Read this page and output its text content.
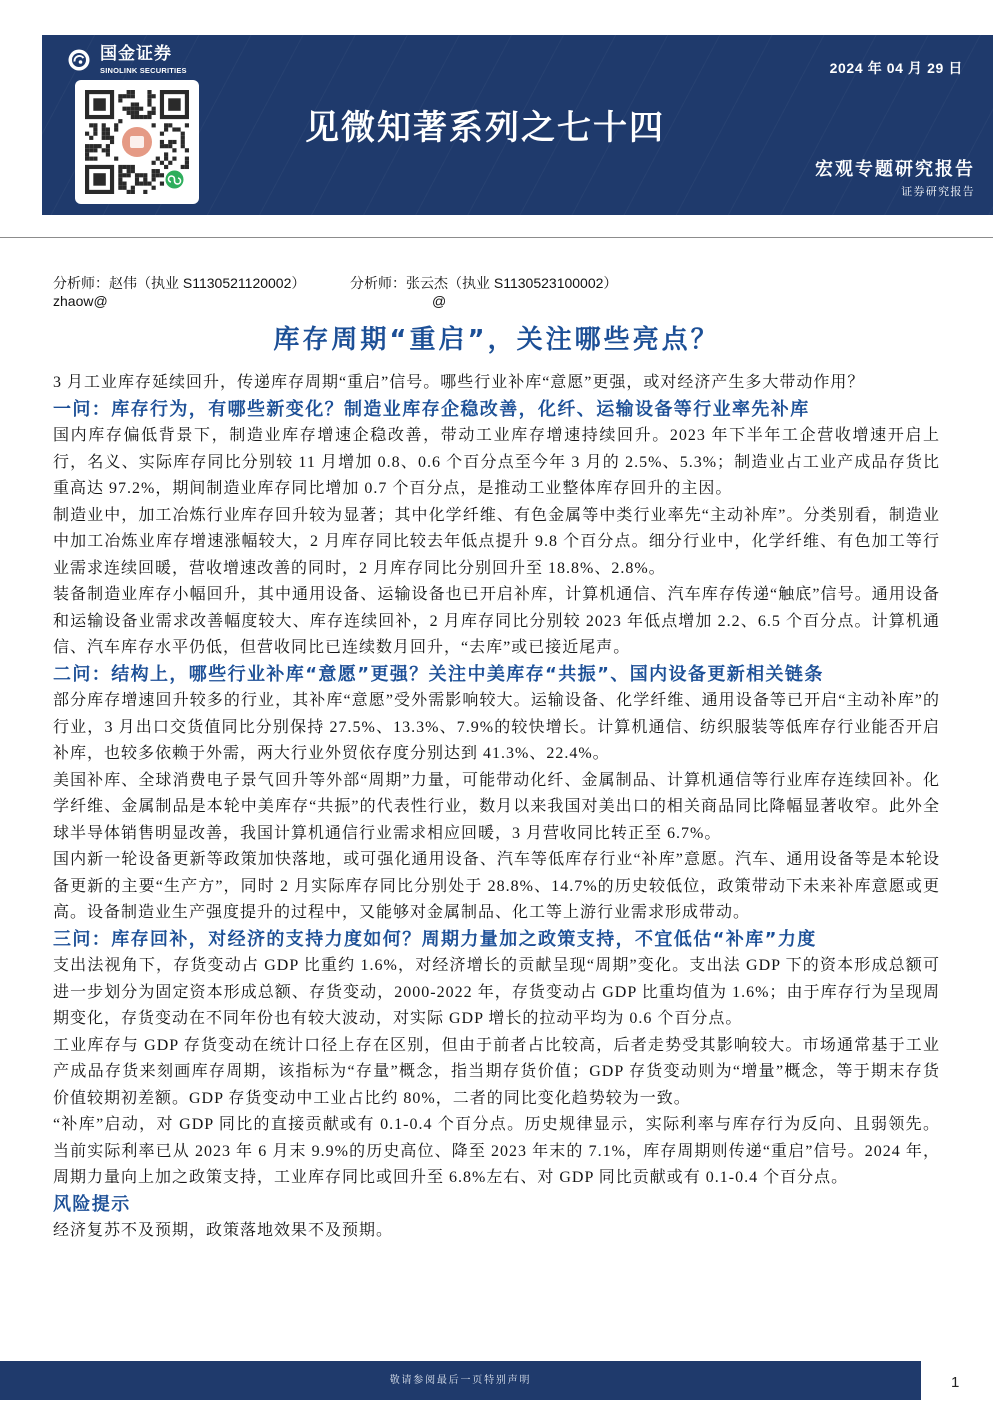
国金证券
SINOLINK SECURITIES	2024 年 04 月 29 日
见微知著系列之七十四
宏观专题研究报告
证券研究报告
分析师：赵伟（执业 S1130521120002）
zhaow@
分析师：张云杰（执业 S1130523100002）
@
库存周期“重启”，关注哪些亮点？

3 月工业库存延续回升，传递库存周期“重启”信号。哪些行业补库“意愿”更强，或对经济产生多大带动作用？

一问：库存行为，有哪些新变化？制造业库存企稳改善，化纤、运输设备等行业率先补库

国内库存偏低背景下，制造业库存增速企稳改善，带动工业库存增速持续回升。2023 年下半年工企营收增速开启上行，名义、实际库存同比分别较 11 月增加 0.8、0.6 个百分点至今年 3 月的 2.5%、5.3%；制造业占工业产成品存货比重高达 97.2%，期间制造业库存同比增加 0.7 个百分点，是推动工业整体库存回升的主因。

制造业中，加工冶炼行业库存回升较为显著；其中化学纤维、有色金属等中类行业率先“主动补库”。分类别看，制造业中加工冶炼业库存增速涨幅较大，2 月库存同比较去年低点提升 9.8 个百分点。细分行业中，化学纤维、有色加工等行业需求连续回暖，营收增速改善的同时，2 月库存同比分别回升至 18.8%、2.8%。

装备制造业库存小幅回升，其中通用设备、运输设备也已开启补库，计算机通信、汽车库存传递“触底”信号。通用设备和运输设备业需求改善幅度较大、库存连续回补，2 月库存同比分别较 2023 年低点增加 2.2、6.5 个百分点。计算机通信、汽车库存水平仍低，但营收同比已连续数月回升，“去库”或已接近尾声。

二问：结构上，哪些行业补库“意愿”更强？关注中美库存“共振”、国内设备更新相关链条

部分库存增速回升较多的行业，其补库“意愿”受外需影响较大。运输设备、化学纤维、通用设备等已开启“主动补库”的行业，3 月出口交货值同比分别保持 27.5%、13.3%、7.9%的较快增长。计算机通信、纺织服装等低库存行业能否开启补库，也较多依赖于外需，两大行业外贸依存度分别达到 41.3%、22.4%。

美国补库、全球消费电子景气回升等外部“周期”力量，可能带动化纤、金属制品、计算机通信等行业库存连续回补。化学纤维、金属制品是本轮中美库存“共振”的代表性行业，数月以来我国对美出口的相关商品同比降幅显著收窄。此外全球半导体销售明显改善，我国计算机通信行业需求相应回暖，3 月营收同比转正至 6.7%。

国内新一轮设备更新等政策加快落地，或可强化通用设备、汽车等低库存行业“补库”意愿。汽车、通用设备等是本轮设备更新的主要“生产方”，同时 2 月实际库存同比分别处于 28.8%、14.7%的历史较低位，政策带动下未来补库意愿或更高。设备制造业生产强度提升的过程中，又能够对金属制品、化工等上游行业需求形成带动。

三问：库存回补，对经济的支持力度如何？周期力量加之政策支持，不宜低估“补库”力度

支出法视角下，存货变动占 GDP 比重约 1.6%，对经济增长的贡献呈现“周期”变化。支出法 GDP 下的资本形成总额可进一步划分为固定资本形成总额、存货变动，2000-2022 年，存货变动占 GDP 比重均值为 1.6%；由于库存行为呈现周期变化，存货变动在不同年份也有较大波动，对实际 GDP 增长的拉动平均为 0.6 个百分点。

工业库存与 GDP 存货变动在统计口径上存在区别，但由于前者占比较高，后者走势受其影响较大。市场通常基于工业产成品存货来刻画库存周期，该指标为“存量”概念，指当期存货价值；GDP 存货变动则为“增量”概念，等于期末存货价值较期初差额。GDP 存货变动中工业占比约 80%，二者的同比变化趋势较为一致。

“补库”启动，对 GDP 同比的直接贡献或有 0.1-0.4 个百分点。历史规律显示，实际利率与库存行为反向、且弱领先。当前实际利率已从 2023 年 6 月末 9.9%的历史高位、降至 2023 年末的 7.1%，库存周期则传递“重启”信号。2024 年，周期力量向上加之政策支持，工业库存同比或回升至 6.8%左右、对 GDP 同比贡献或有 0.1-0.4 个百分点。

风险提示

经济复苏不及预期，政策落地效果不及预期。

敬请参阅最后一页特别声明	1
